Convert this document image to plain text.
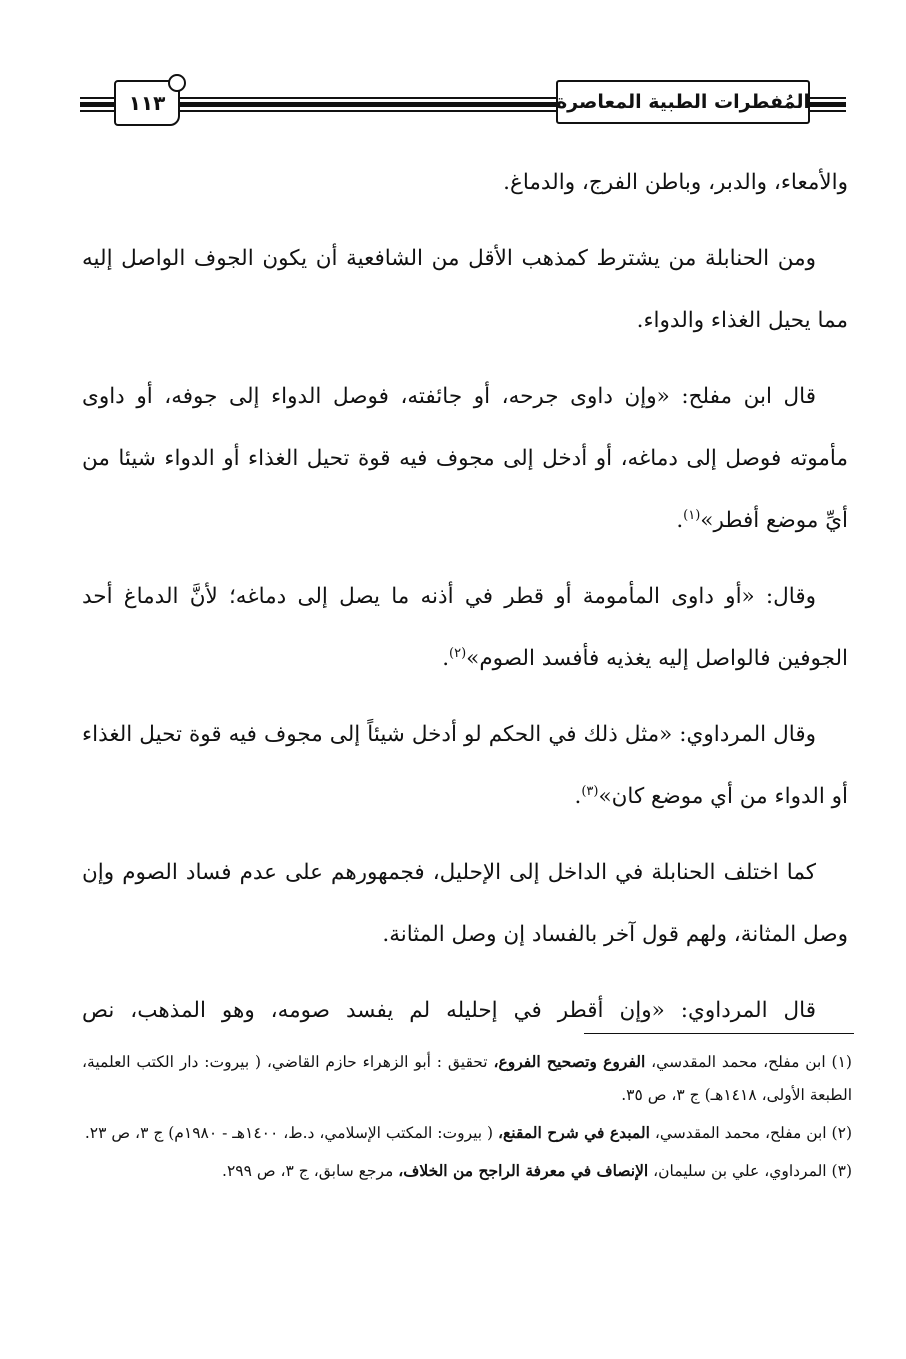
١١٣	المُفطرات الطبية المعاصرة

والأمعاء، والدبر، وباطن الفرج، والدماغ.

ومن الحنابلة من يشترط كمذهب الأقل من الشافعية أن يكون الجوف الواصل إليه مما يحيل الغذاء والدواء.

قال ابن مفلح: «وإن داوى جرحه، أو جائفته، فوصل الدواء إلى جوفه، أو داوى مأموته فوصل إلى دماغه، أو أدخل إلى مجوف فيه قوة تحيل الغذاء أو الدواء شيئا من أيِّ موضع أفطر»$^{(١)}$.

وقال: «أو داوى المأمومة أو قطر في أذنه ما يصل إلى دماغه؛ لأنَّ الدماغ أحد الجوفين فالواصل إليه يغذيه فأفسد الصوم»$^{(٢)}$.

وقال المرداوي: «مثل ذلك في الحكم لو أدخل شيئاً إلى مجوف فيه قوة تحيل الغذاء أو الدواء من أي موضع كان»$^{(٣)}$.

كما اختلف الحنابلة في الداخل إلى الإحليل، فجمهورهم على عدم فساد الصوم وإن وصل المثانة، ولهم قول آخر بالفساد إن وصل المثانة.

قال المرداوي: «وإن أقطر في إحليله لم يفسد صومه، وهو المذهب، نص

(١) ابن مفلح، محمد المقدسي، الفروع وتصحيح الفروع، تحقيق : أبو الزهراء حازم القاضي، ( بيروت: دار الكتب العلمية، الطبعة الأولى، ١٤١٨هـ) ج ٣، ص ٣٥.

(٢) ابن مفلح، محمد المقدسي، المبدع في شرح المقنع، ( بيروت: المكتب الإسلامي، د.ط، ١٤٠٠هـ - ١٩٨٠م) ج ٣، ص ٢٣.

(٣) المرداوي، علي بن سليمان، الإنصاف في معرفة الراجح من الخلاف، مرجع سابق، ج ٣، ص ٢٩٩.
